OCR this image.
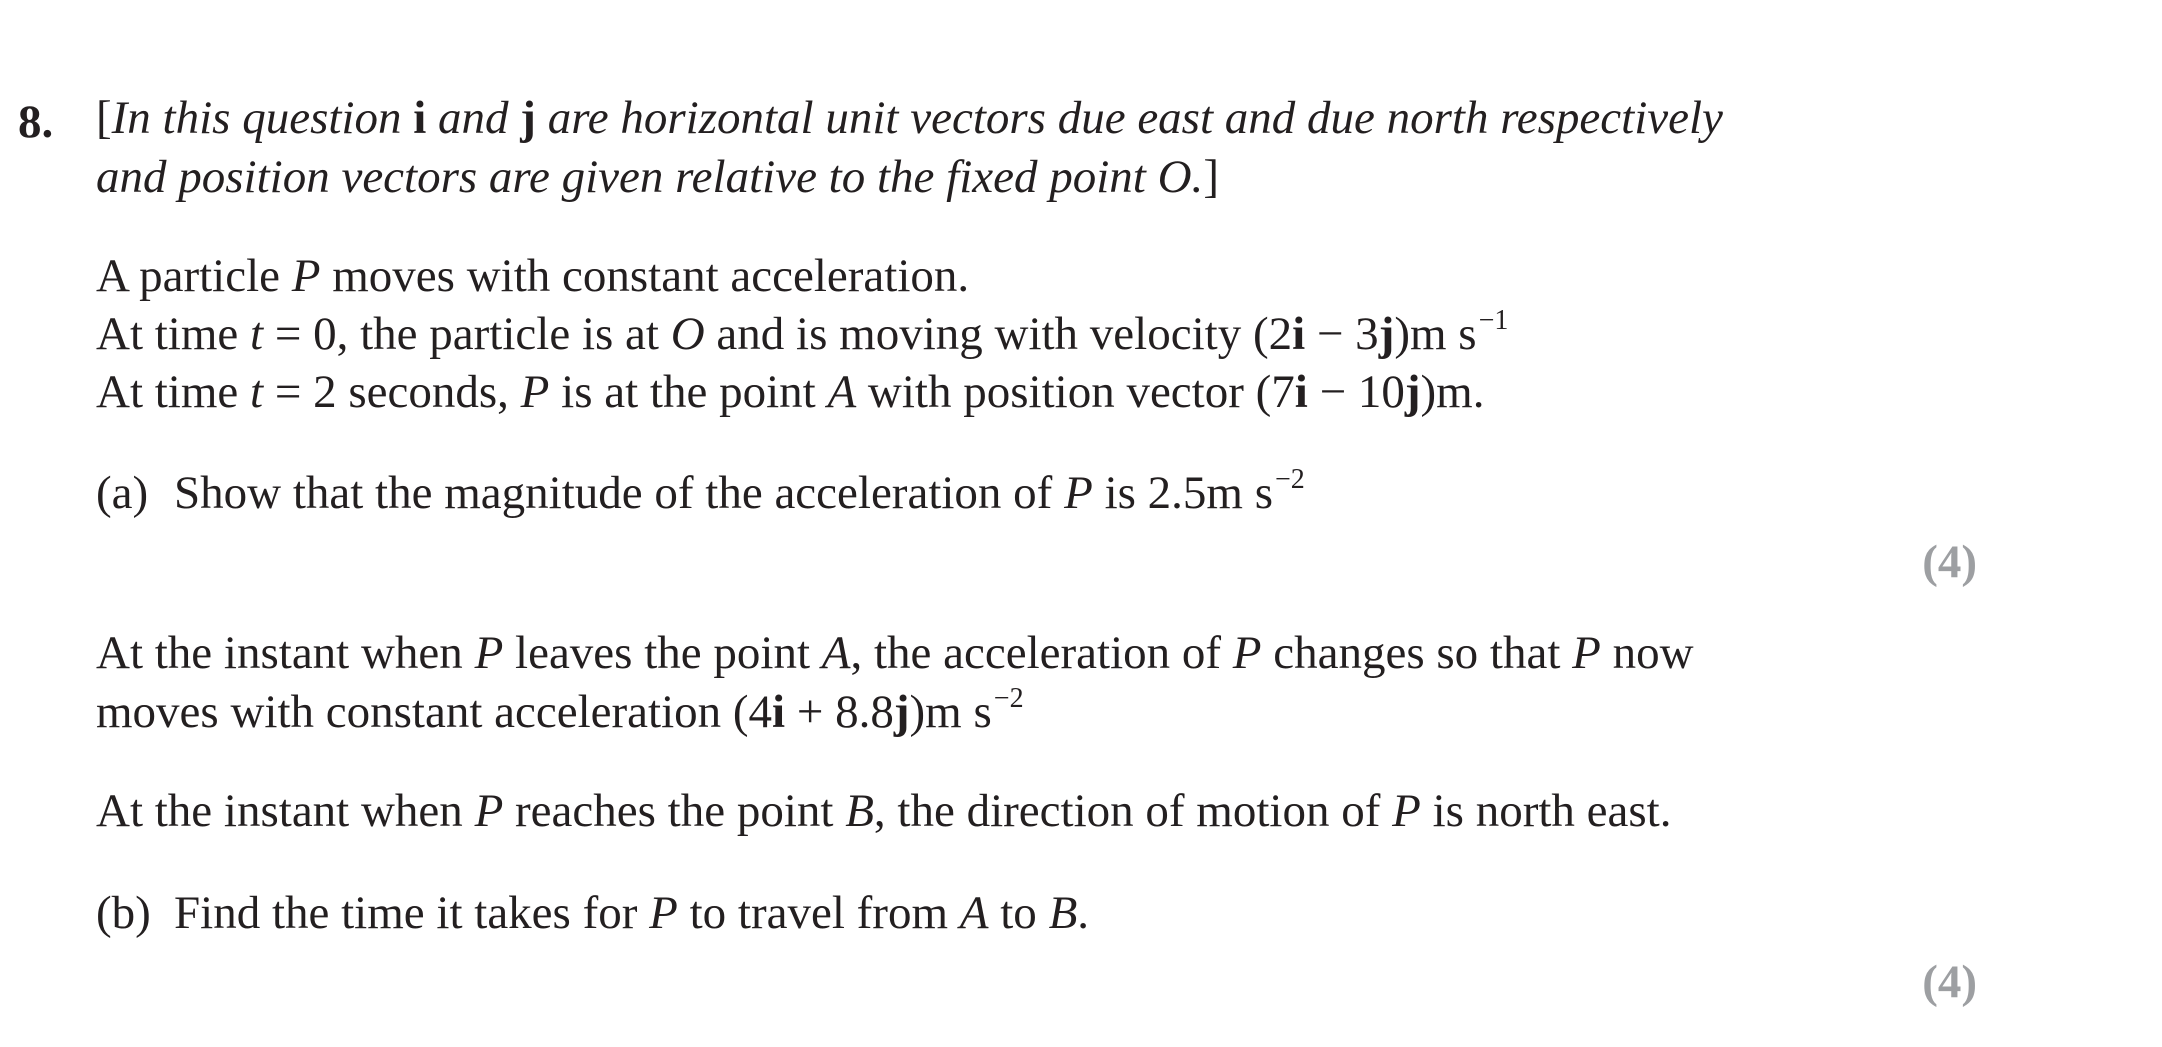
8. [In this question i and j are horizontal unit vectors due east and due north respectively
and position vectors are given relative to the fixed point O.]
A particle P moves with constant acceleration.
At time t = 0, the particle is at O and is moving with velocity (2i − 3j)m $s^{-1}$
At time t = 2 seconds, P is at the point A with position vector (7i − 10j)m.
(a) Show that the magnitude of the acceleration of P is 2.5m $s^{-2}$
(4)
At the instant when P leaves the point A, the acceleration of P changes so that P now
moves with constant acceleration (4i + 8.8j)m $s^{-2}$
At the instant when P reaches the point B, the direction of motion of P is north east.
(b) Find the time it takes for P to travel from A to B.
(4)
